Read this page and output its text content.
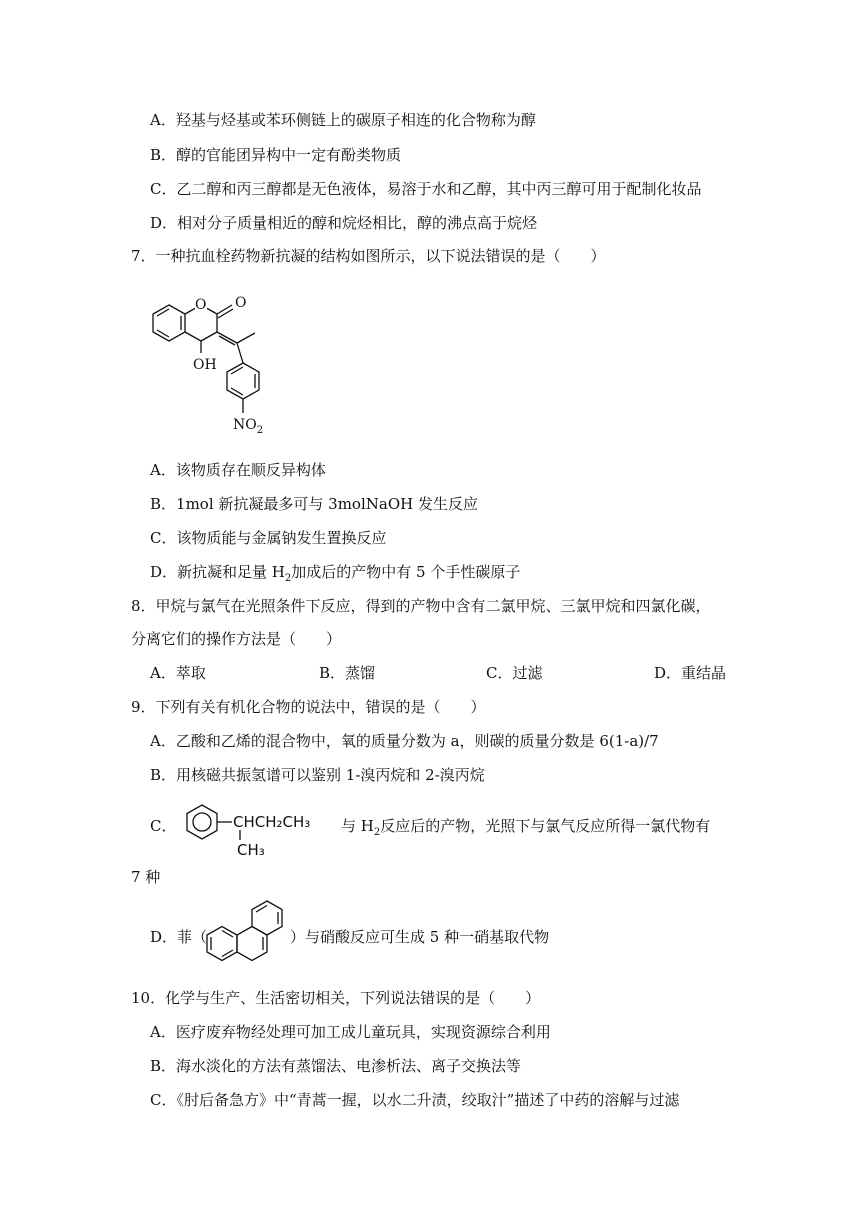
A．羟基与烃基或苯环侧链上的碳原子相连的化合物称为醇
B．醇的官能团异构中一定有酚类物质
C．乙二醇和丙三醇都是无色液体，易溶于水和乙醇，其中丙三醇可用于配制化妆品
D．相对分子质量相近的醇和烷烃相比，醇的沸点高于烷烃
7．一种抗血栓药物新抗凝的结构如图所示，以下说法错误的是（　　）
O O
OH
$NO_2$
A．该物质存在顺反异构体
B．1mol 新抗凝最多可与 3molNaOH 发生反应
C．该物质能与金属钠发生置换反应
D．新抗凝和足量 $H_2$加成后的产物中有 5 个手性碳原子
8．甲烷与氯气在光照条件下反应，得到的产物中含有二氯甲烷、三氯甲烷和四氯化碳，
分离它们的操作方法是（　　）
A．萃取	B．蒸馏	C．过滤	D．重结晶
9．下列有关有机化合物的说法中，错误的是（　　）
A．乙酸和乙烯的混合物中，氧的质量分数为 a，则碳的质量分数是 6(1-a)/7
B．用核磁共振氢谱可以鉴别 1-溴丙烷和 2-溴丙烷
C．	CHCH₂CH₃
CH₃
与 $H_2$反应后的产物，光照下与氯气反应所得一氯代物有
7 种
D．菲（	）与硝酸反应可生成 5 种一硝基取代物
10．化学与生产、生活密切相关，下列说法错误的是（　　）
A．医疗废弃物经处理可加工成儿童玩具，实现资源综合利用
B．海水淡化的方法有蒸馏法、电渗析法、离子交换法等
C．《肘后备急方》中“青蒿一握，以水二升渍，绞取汁”描述了中药的溶解与过滤
